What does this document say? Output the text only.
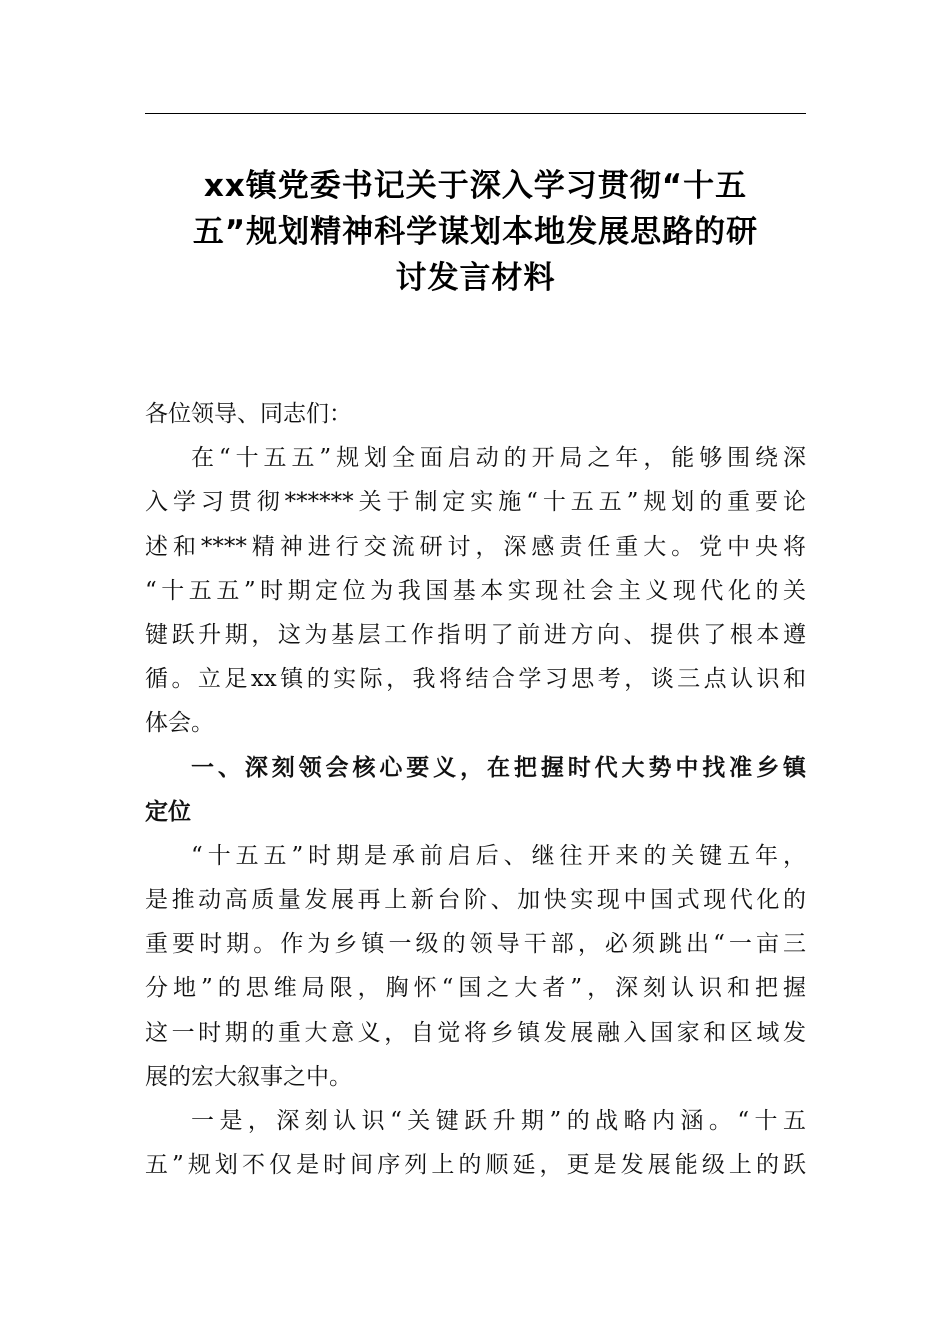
xx镇党委书记关于深入学习贯彻“十五
五”规划精神科学谋划本地发展思路的研
讨发言材料
各位领导、同志们：
在“十五五”规划全面启动的开局之年，能够围绕深
入学习贯彻******关于制定实施“十五五”规划的重要论
述和****精神进行交流研讨，深感责任重大。党中央将
“十五五”时期定位为我国基本实现社会主义现代化的关
键跃升期，这为基层工作指明了前进方向、提供了根本遵
循。立足xx镇的实际，我将结合学习思考，谈三点认识和
体会。
一、深刻领会核心要义，在把握时代大势中找准乡镇
定位
“十五五”时期是承前启后、继往开来的关键五年，
是推动高质量发展再上新台阶、加快实现中国式现代化的
重要时期。作为乡镇一级的领导干部，必须跳出“一亩三
分地”的思维局限，胸怀“国之大者”，深刻认识和把握
这一时期的重大意义，自觉将乡镇发展融入国家和区域发
展的宏大叙事之中。
一是，深刻认识“关键跃升期”的战略内涵。“十五
五”规划不仅是时间序列上的顺延，更是发展能级上的跃
